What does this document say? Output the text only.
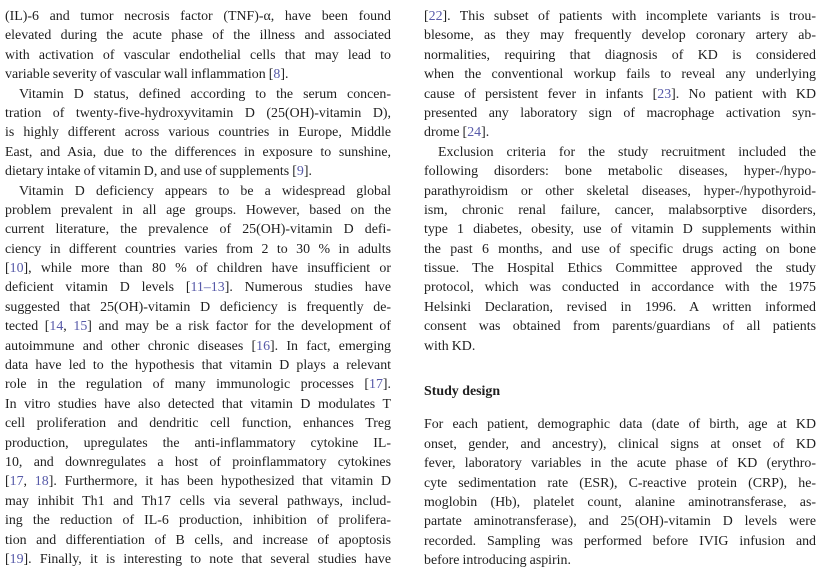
(IL)-6 and tumor necrosis factor (TNF)-α, have been found
elevated during the acute phase of the illness and associated
with activation of vascular endothelial cells that may lead to
variable severity of vascular wall inflammation [8].
Vitamin D status, defined according to the serum concen-
tration of twenty-five-hydroxyvitamin D (25(OH)-vitamin D),
is highly different across various countries in Europe, Middle
East, and Asia, due to the differences in exposure to sunshine,
dietary intake of vitamin D, and use of supplements [9].
Vitamin D deficiency appears to be a widespread global
problem prevalent in all age groups. However, based on the
current literature, the prevalence of 25(OH)-vitamin D defi-
ciency in different countries varies from 2 to 30 % in adults
[10], while more than 80 % of children have insufficient or
deficient vitamin D levels [11–13]. Numerous studies have
suggested that 25(OH)-vitamin D deficiency is frequently de-
tected [14, 15] and may be a risk factor for the development of
autoimmune and other chronic diseases [16]. In fact, emerging
data have led to the hypothesis that vitamin D plays a relevant
role in the regulation of many immunologic processes [17].
In vitro studies have also detected that vitamin D modulates T
cell proliferation and dendritic cell function, enhances Treg
production, upregulates the anti-inflammatory cytokine IL-
10, and downregulates a host of proinflammatory cytokines
[17, 18]. Furthermore, it has been hypothesized that vitamin D
may inhibit Th1 and Th17 cells via several pathways, includ-
ing the reduction of IL-6 production, inhibition of prolifera-
tion and differentiation of B cells, and increase of apoptosis
[19]. Finally, it is interesting to note that several studies have
[22]. This subset of patients with incomplete variants is trou-
blesome, as they may frequently develop coronary artery ab-
normalities, requiring that diagnosis of KD is considered
when the conventional workup fails to reveal any underlying
cause of persistent fever in infants [23]. No patient with KD
presented any laboratory sign of macrophage activation syn-
drome [24].
Exclusion criteria for the study recruitment included the
following disorders: bone metabolic diseases, hyper-/hypo-
parathyroidism or other skeletal diseases, hyper-/hypothyroid-
ism, chronic renal failure, cancer, malabsorptive disorders,
type 1 diabetes, obesity, use of vitamin D supplements within
the past 6 months, and use of specific drugs acting on bone
tissue. The Hospital Ethics Committee approved the study
protocol, which was conducted in accordance with the 1975
Helsinki Declaration, revised in 1996. A written informed
consent was obtained from parents/guardians of all patients
with KD.
Study design
For each patient, demographic data (date of birth, age at KD
onset, gender, and ancestry), clinical signs at onset of KD
fever, laboratory variables in the acute phase of KD (erythro-
cyte sedimentation rate (ESR), C-reactive protein (CRP), he-
moglobin (Hb), platelet count, alanine aminotransferase, as-
partate aminotransferase), and 25(OH)-vitamin D levels were
recorded. Sampling was performed before IVIG infusion and
before introducing aspirin.
